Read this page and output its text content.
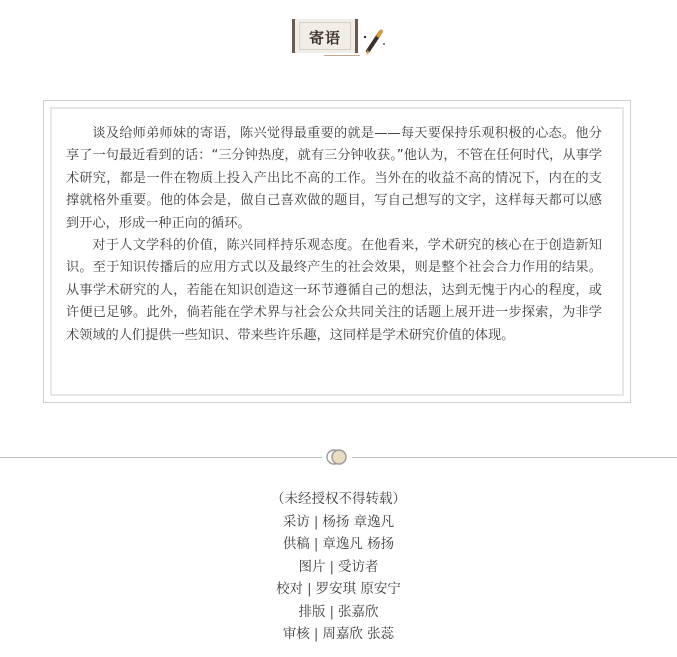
寄语

谈及给师弟师妹的寄语，陈兴觉得最重要的就是——每天要保持乐观积极的心态。他分享了一句最近看到的话：“三分钟热度，就有三分钟收获。”他认为，不管在任何时代，从事学术研究，都是一件在物质上投入产出比不高的工作。当外在的收益不高的情况下，内在的支撑就格外重要。他的体会是，做自己喜欢做的题目，写自己想写的文字，这样每天都可以感到开心，形成一种正向的循环。

对于人文学科的价值，陈兴同样持乐观态度。在他看来，学术研究的核心在于创造新知识。至于知识传播后的应用方式以及最终产生的社会效果，则是整个社会合力作用的结果。从事学术研究的人，若能在知识创造这一环节遵循自己的想法，达到无愧于内心的程度，或许便已足够。此外，倘若能在学术界与社会公众共同关注的话题上展开进一步探索，为非学术领域的人们提供一些知识、带来些许乐趣，这同样是学术研究价值的体现。

（未经授权不得转载）
采访 | 杨扬 章逸凡
供稿 | 章逸凡 杨扬
图片 | 受访者
校对 | 罗安琪 原安宁
排版 | 张嘉欣
审核 | 周嘉欣 张蕊
